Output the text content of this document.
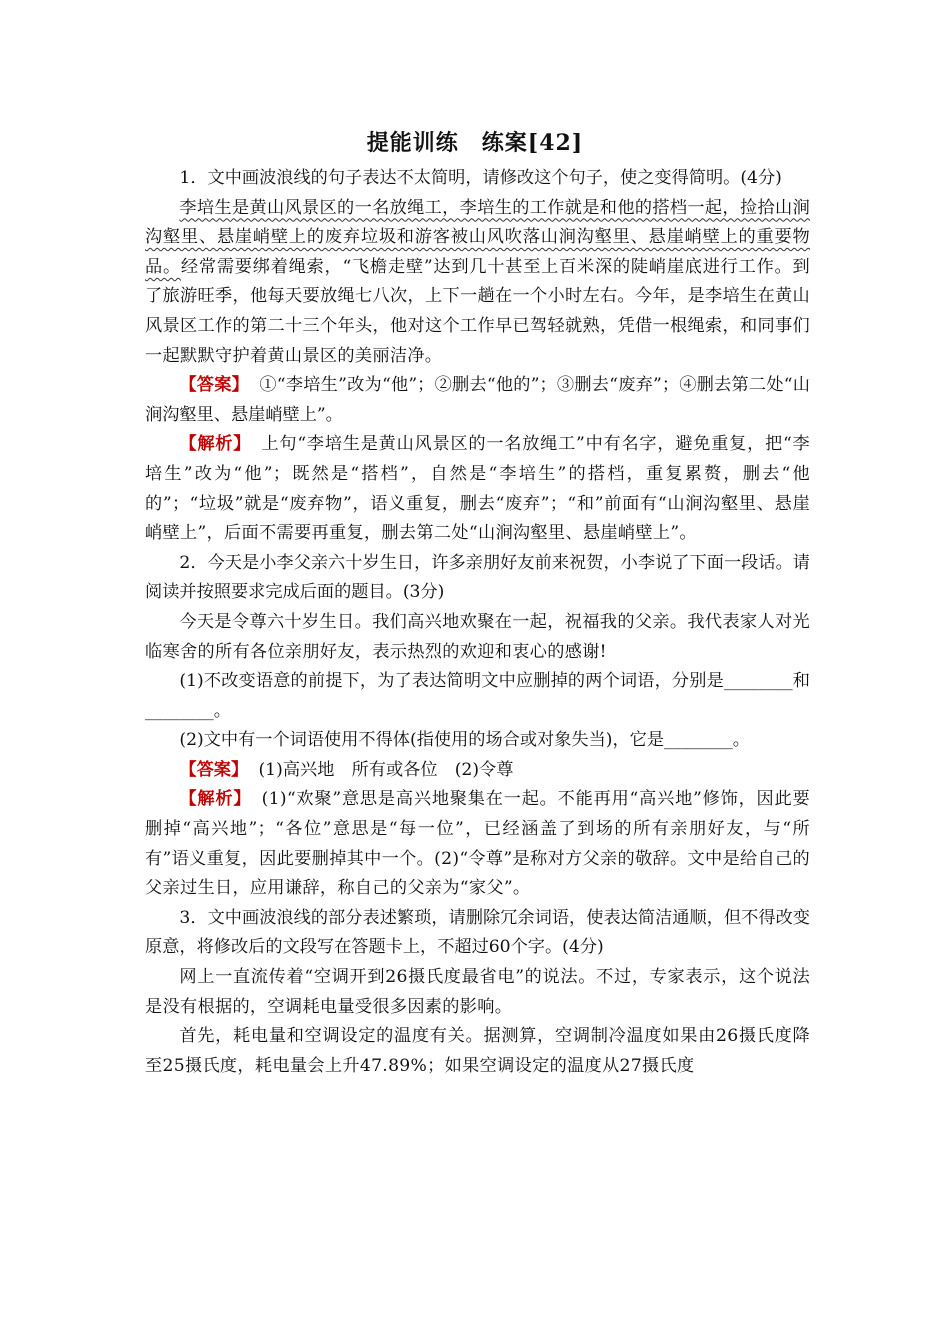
提能训练　练案[42]

1．文中画波浪线的句子表达不太简明，请修改这个句子，使之变得简明。(4分)

李培生是黄山风景区的一名放绳工，李培生的工作就是和他的搭档一起，捡拾山涧沟壑里、悬崖峭壁上的废弃垃圾和游客被山风吹落山涧沟壑里、悬崖峭壁上的重要物品。经常需要绑着绳索，“飞檐走壁”达到几十甚至上百米深的陡峭崖底进行工作。到了旅游旺季，他每天要放绳七八次，上下一趟在一个小时左右。今年，是李培生在黄山风景区工作的第二十三个年头，他对这个工作早已驾轻就熟，凭借一根绳索，和同事们一起默默守护着黄山景区的美丽洁净。

【答案】 ①“李培生”改为“他”；②删去“他的”；③删去“废弃”；④删去第二处“山涧沟壑里、悬崖峭壁上”。

【解析】 上句“李培生是黄山风景区的一名放绳工”中有名字，避免重复，把“李培生”改为“他”；既然是“搭档”，自然是“李培生”的搭档，重复累赘，删去“他的”；“垃圾”就是“废弃物”，语义重复，删去“废弃”；“和”前面有“山涧沟壑里、悬崖峭壁上”，后面不需要再重复，删去第二处“山涧沟壑里、悬崖峭壁上”。

2．今天是小李父亲六十岁生日，许多亲朋好友前来祝贺，小李说了下面一段话。请阅读并按照要求完成后面的题目。(3分)

今天是令尊六十岁生日。我们高兴地欢聚在一起，祝福我的父亲。我代表家人对光临寒舍的所有各位亲朋好友，表示热烈的欢迎和衷心的感谢!

(1)不改变语意的前提下，为了表达简明文中应删掉的两个词语，分别是________和________。

(2)文中有一个词语使用不得体(指使用的场合或对象失当)，它是________。

【答案】 (1)高兴地　所有或各位　(2)令尊

【解析】 (1)“欢聚”意思是高兴地聚集在一起。不能再用“高兴地”修饰，因此要删掉“高兴地”；“各位”意思是“每一位”，已经涵盖了到场的所有亲朋好友，与“所有”语义重复，因此要删掉其中一个。(2)“令尊”是称对方父亲的敬辞。文中是给自己的父亲过生日，应用谦辞，称自己的父亲为“家父”。

3．文中画波浪线的部分表述繁琐，请删除冗余词语，使表达简洁通顺，但不得改变原意，将修改后的文段写在答题卡上，不超过60个字。(4分)

网上一直流传着“空调开到26摄氏度最省电”的说法。不过，专家表示，这个说法是没有根据的，空调耗电量受很多因素的影响。

首先，耗电量和空调设定的温度有关。据测算，空调制冷温度如果由26摄氏度降至25摄氏度，耗电量会上升47.89%；如果空调设定的温度从27摄氏度
